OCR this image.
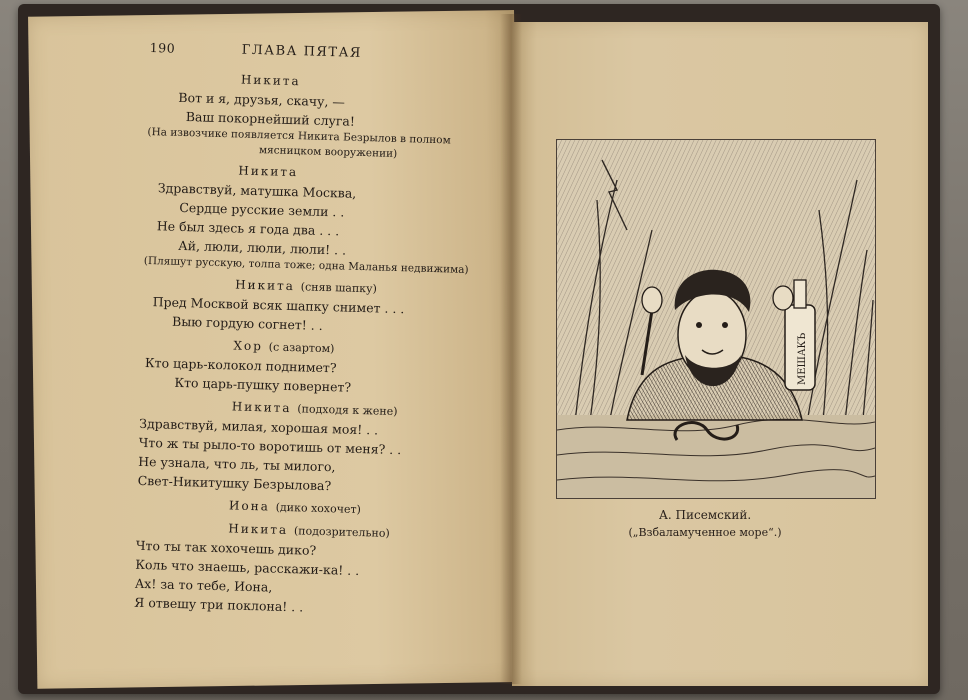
190	ГЛАВА ПЯТАЯ
Никита
Вот и я, друзья, скачу, —
Ваш покорнейший слуга!
(На извозчике появляется Никита Безрылов в полном
мясницком вооружении)
Никита
Здравствуй, матушка Москва,
Сердце русские земли . .
Не был здесь я года два . . .
Ай, люли, люли, люли! . .
(Пляшут русскую, толпа тоже; одна Маланья недвижима)
Никита (сняв шапку)
Пред Москвой всяк шапку снимет . . .
Выю гордую согнет! . .
Хор (с азартом)
Кто царь-колокол поднимет?
Кто царь-пушку повернет?
Никита (подходя к жене)
Здравствуй, милая, хорошая моя! . .
Что ж ты рыло-то воротишь от меня? . .
Не узнала, что ль, ты милого,
Свет-Никитушку Безрылова?
Иона (дико хохочет)
Никита (подозрительно)
Что ты так хохочешь дико?
Коль что знаешь, расскажи-ка! . .
Ах! за то тебе, Иона,
Я отвешу три поклона! . .
МЕШАКЪ
А. Писемский.
(„Взбаламученное море“.)
